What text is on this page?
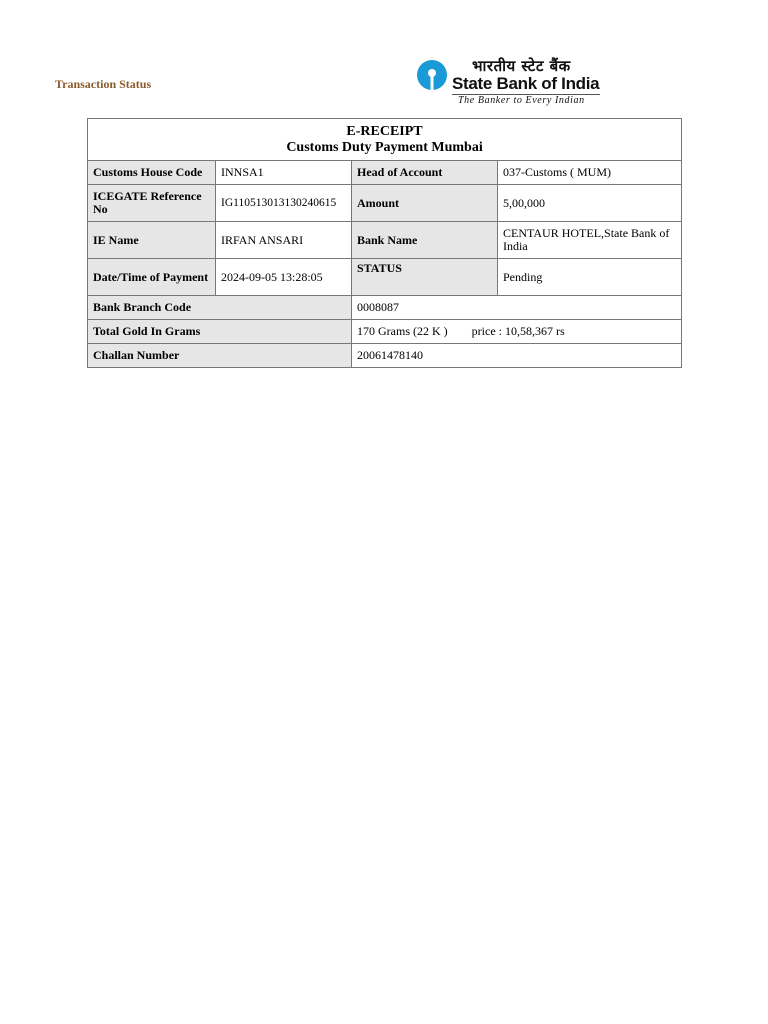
Transaction Status
भारतीय स्टेट बैंक
State Bank of India
The Banker to Every Indian
E-RECEIPT
Customs Duty Payment Mumbai			

Customs House Code	INNSA1	Head of Account	037-Customs ( MUM)
ICEGATE Reference No	IG110513013130240615	Amount	5,00,000
IE Name	IRFAN ANSARI	Bank Name	CENTAUR HOTEL,State Bank of India
Date/Time of Payment	2024-09-05 13:28:05	STATUS	Pending
Bank Branch Code		0008087	
Total Gold In Grams		170 Grams (22 K ) price : 10,58,367 rs	
Challan Number		20061478140	
